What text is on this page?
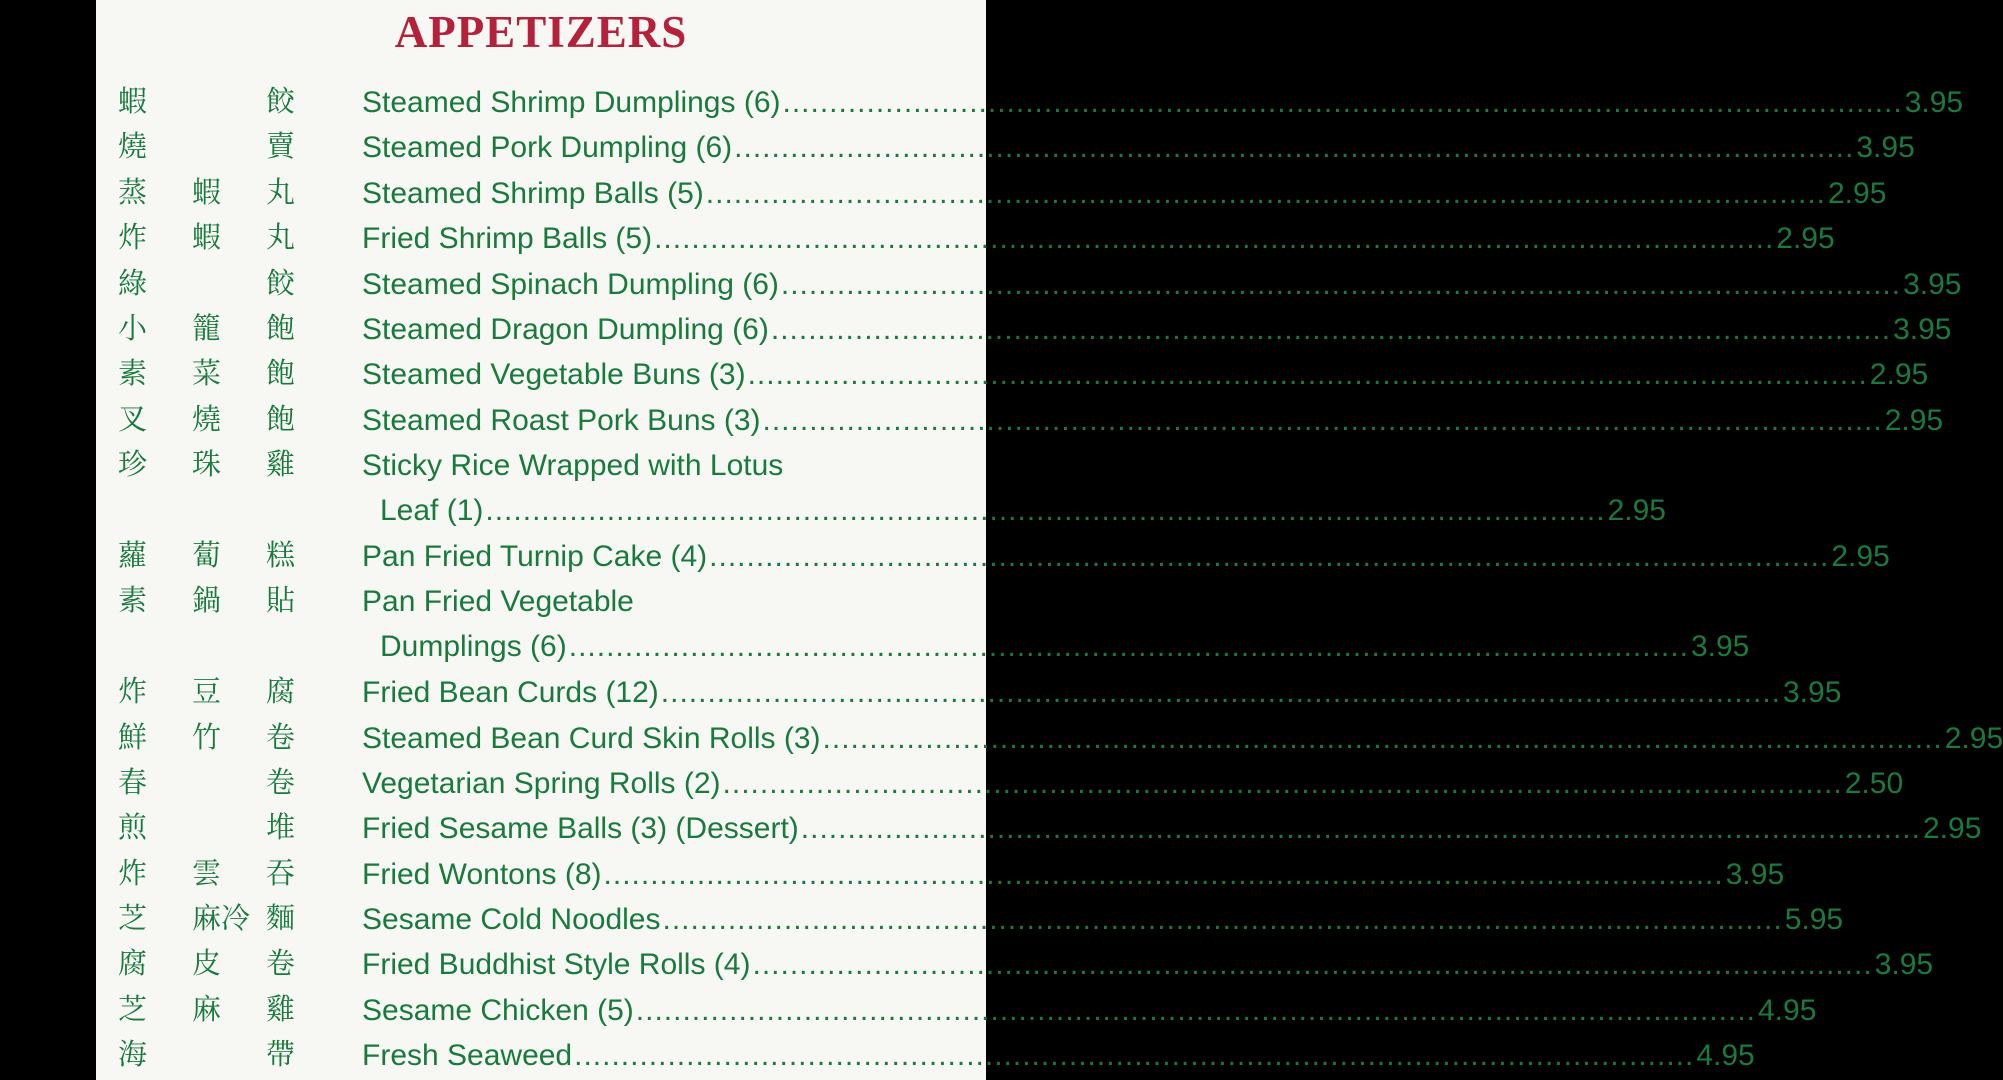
APPETIZERS
蝦	餃 Steamed Shrimp Dumplings (6) ........................................................................................................................ 3.95
燒	賣 Steamed Pork Dumpling (6) ........................................................................................................................ 3.95
蒸 蝦 丸 Steamed Shrimp Balls (5) ........................................................................................................................ 2.95
炸 蝦 丸 Fried Shrimp Balls (5) ........................................................................................................................ 2.95
綠	餃 Steamed Spinach Dumpling (6) ........................................................................................................................ 3.95
小 籠 飽 Steamed Dragon Dumpling (6) ........................................................................................................................ 3.95
素 菜 飽 Steamed Vegetable Buns (3) ........................................................................................................................ 2.95
叉 燒 飽 Steamed Roast Pork Buns (3) ........................................................................................................................ 2.95
珍 珠 雞 Sticky Rice Wrapped with Lotus
Leaf (1) ........................................................................................................................ 2.95
蘿 蔔 糕 Pan Fried Turnip Cake (4) ........................................................................................................................ 2.95
素 鍋 貼 Pan Fried Vegetable
Dumplings (6) ........................................................................................................................ 3.95
炸 豆 腐 Fried Bean Curds (12) ........................................................................................................................ 3.95
鮮 竹 卷 Steamed Bean Curd Skin Rolls (3) ........................................................................................................................ 2.95
春	卷 Vegetarian Spring Rolls (2) ........................................................................................................................ 2.50
煎	堆 Fried Sesame Balls (3) (Dessert) ........................................................................................................................ 2.95
炸 雲 吞 Fried Wontons (8) ........................................................................................................................ 3.95
芝 麻冷 麵 Sesame Cold Noodles ........................................................................................................................ 5.95
腐 皮 卷 Fried Buddhist Style Rolls (4) ........................................................................................................................ 3.95
芝 麻 雞 Sesame Chicken (5) ........................................................................................................................ 4.95
海	帶 Fresh Seaweed ........................................................................................................................ 4.95
